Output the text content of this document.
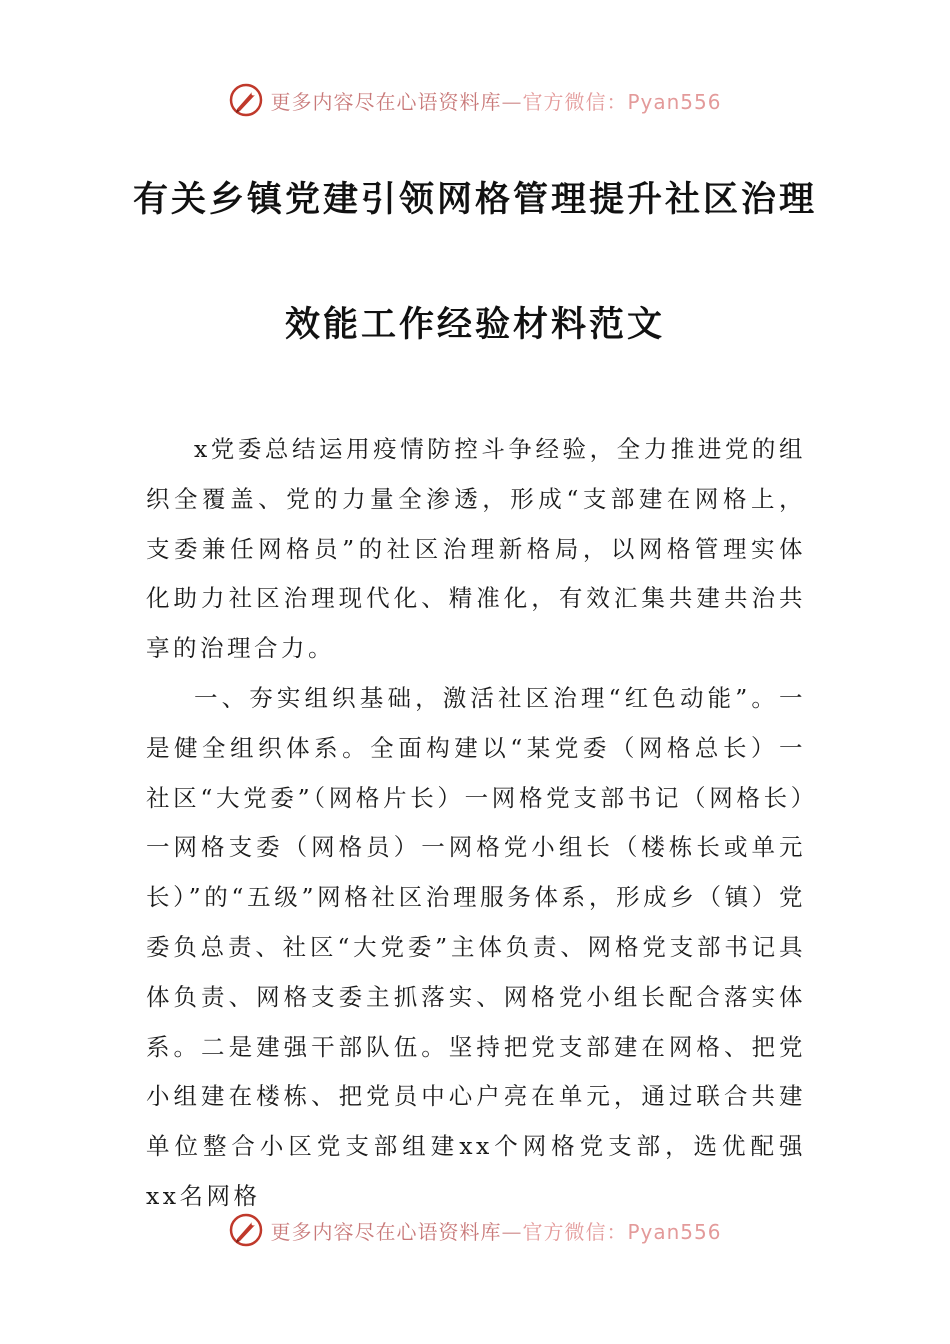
更多内容尽在心语资料库—官方微信：Pyan556
有关乡镇党建引领网格管理提升社区治理
效能工作经验材料范文

x党委总结运用疫情防控斗争经验，全力推进党的组织全覆盖、党的力量全渗透，形成“支部建在网格上，支委兼任网格员”的社区治理新格局，以网格管理实体化助力社区治理现代化、精准化，有效汇集共建共治共享的治理合力。

一、夯实组织基础，激活社区治理“红色动能”。一是健全组织体系。全面构建以“某党委（网格总长）一社区“大党委”（网格片长）一网格党支部书记（网格长）一网格支委（网格员）一网格党小组长（楼栋长或单元长）”的“五级”网格社区治理服务体系，形成乡（镇）党委负总责、社区“大党委”主体负责、网格党支部书记具体负责、网格支委主抓落实、网格党小组长配合落实体系。二是建强干部队伍。坚持把党支部建在网格、把党小组建在楼栋、把党员中心户亮在单元，通过联合共建单位整合小区党支部组建xx个网格党支部，选优配强xx名网格

更多内容尽在心语资料库—官方微信：Pyan556
